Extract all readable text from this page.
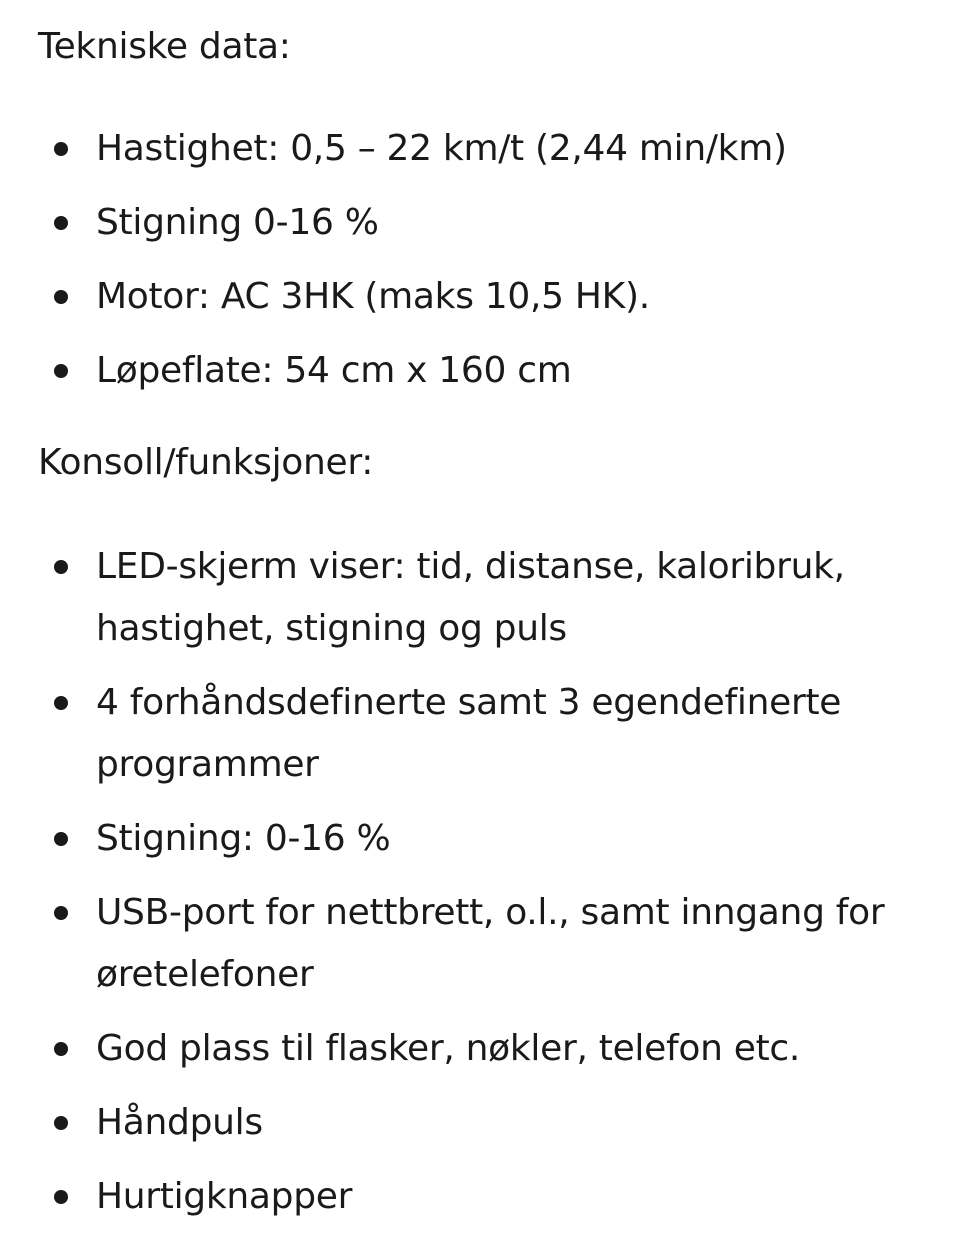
Tekniske data:
Hastighet: 0,5 – 22 km/t (2,44 min/km)
Stigning 0-16 %
Motor: AC 3HK (maks 10,5 HK).
Løpeflate: 54 cm x 160 cm
Konsoll/funksjoner:
LED-skjerm viser: tid, distanse, kaloribruk, hastighet, stigning og puls
4 forhåndsdefinerte samt 3 egendefinerte programmer
Stigning: 0-16 %
USB-port for nettbrett, o.l., samt inngang for øretelefoner
God plass til flasker, nøkler, telefon etc.
Håndpuls
Hurtigknapper
